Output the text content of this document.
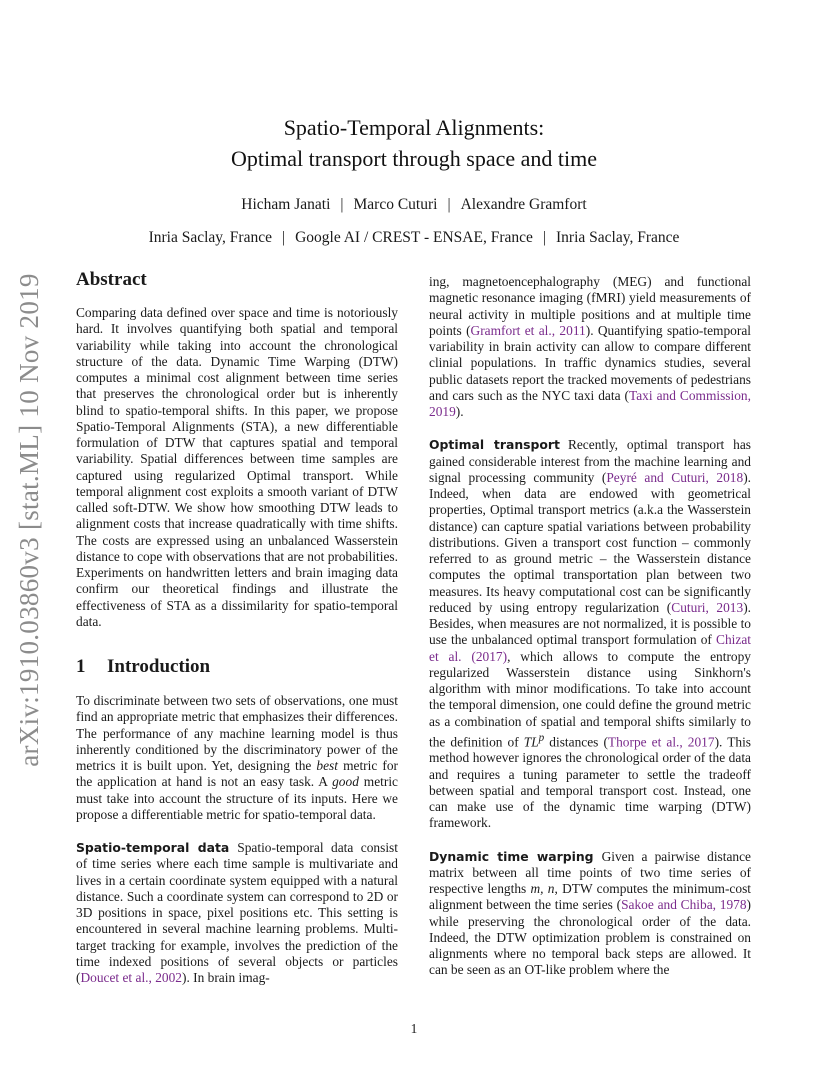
arXiv:1910.03860v3 [stat.ML] 10 Nov 2019
Spatio-Temporal Alignments:
Optimal transport through space and time
Hicham Janati | Marco Cuturi | Alexandre Gramfort
Inria Saclay, France | Google AI / CREST - ENSAE, France | Inria Saclay, France
Abstract

Comparing data defined over space and time is notoriously hard. It involves quantifying both spatial and temporal variability while taking into account the chronological structure of the data. Dynamic Time Warping (DTW) computes a minimal cost alignment between time series that preserves the chronological order but is inherently blind to spatio-temporal shifts. In this paper, we propose Spatio-Temporal Alignments (STA), a new differentiable formulation of DTW that captures spatial and temporal variability. Spatial differences between time samples are captured using regularized Optimal transport. While temporal alignment cost exploits a smooth variant of DTW called soft-DTW. We show how smoothing DTW leads to alignment costs that increase quadratically with time shifts. The costs are expressed using an unbalanced Wasserstein distance to cope with observations that are not probabilities. Experiments on handwritten letters and brain imaging data confirm our theoretical findings and illustrate the effectiveness of STA as a dissimilarity for spatio-temporal data.

1 Introduction

To discriminate between two sets of observations, one must find an appropriate metric that emphasizes their differences. The performance of any machine learning model is thus inherently conditioned by the discriminatory power of the metrics it is built upon. Yet, designing the best metric for the application at hand is not an easy task. A good metric must take into account the structure of its inputs. Here we propose a differentiable metric for spatio-temporal data.

Spatio-temporal data Spatio-temporal data consist of time series where each time sample is multivariate and lives in a certain coordinate system equipped with a natural distance. Such a coordinate system can correspond to 2D or 3D positions in space, pixel positions etc. This setting is encountered in several machine learning problems. Multi-target tracking for example, involves the prediction of the time indexed positions of several objects or particles (Doucet et al., 2002). In brain imag-

ing, magnetoencephalography (MEG) and functional magnetic resonance imaging (fMRI) yield measurements of neural activity in multiple positions and at multiple time points (Gramfort et al., 2011). Quantifying spatio-temporal variability in brain activity can allow to compare different clinial populations. In traffic dynamics studies, several public datasets report the tracked movements of pedestrians and cars such as the NYC taxi data (Taxi and Commission, 2019).

Optimal transport Recently, optimal transport has gained considerable interest from the machine learning and signal processing community (Peyré and Cuturi, 2018). Indeed, when data are endowed with geometrical properties, Optimal transport metrics (a.k.a the Wasserstein distance) can capture spatial variations between probability distributions. Given a transport cost function – commonly referred to as ground metric – the Wasserstein distance computes the optimal transportation plan between two measures. Its heavy computational cost can be significantly reduced by using entropy regularization (Cuturi, 2013). Besides, when measures are not normalized, it is possible to use the unbalanced optimal transport formulation of Chizat et al. (2017), which allows to compute the entropy regularized Wasserstein distance using Sinkhorn's algorithm with minor modifications. To take into account the temporal dimension, one could define the ground metric as a combination of spatial and temporal shifts similarly to the definition of $TL^p$ distances (Thorpe et al., 2017). This method however ignores the chronological order of the data and requires a tuning parameter to settle the tradeoff between spatial and temporal transport cost. Instead, one can make use of the dynamic time warping (DTW) framework.

Dynamic time warping Given a pairwise distance matrix between all time points of two time series of respective lengths m, n, DTW computes the minimum-cost alignment between the time series (Sakoe and Chiba, 1978) while preserving the chronological order of the data. Indeed, the DTW optimization problem is constrained on alignments where no temporal back steps are allowed. It can be seen as an OT-like problem where the

1
